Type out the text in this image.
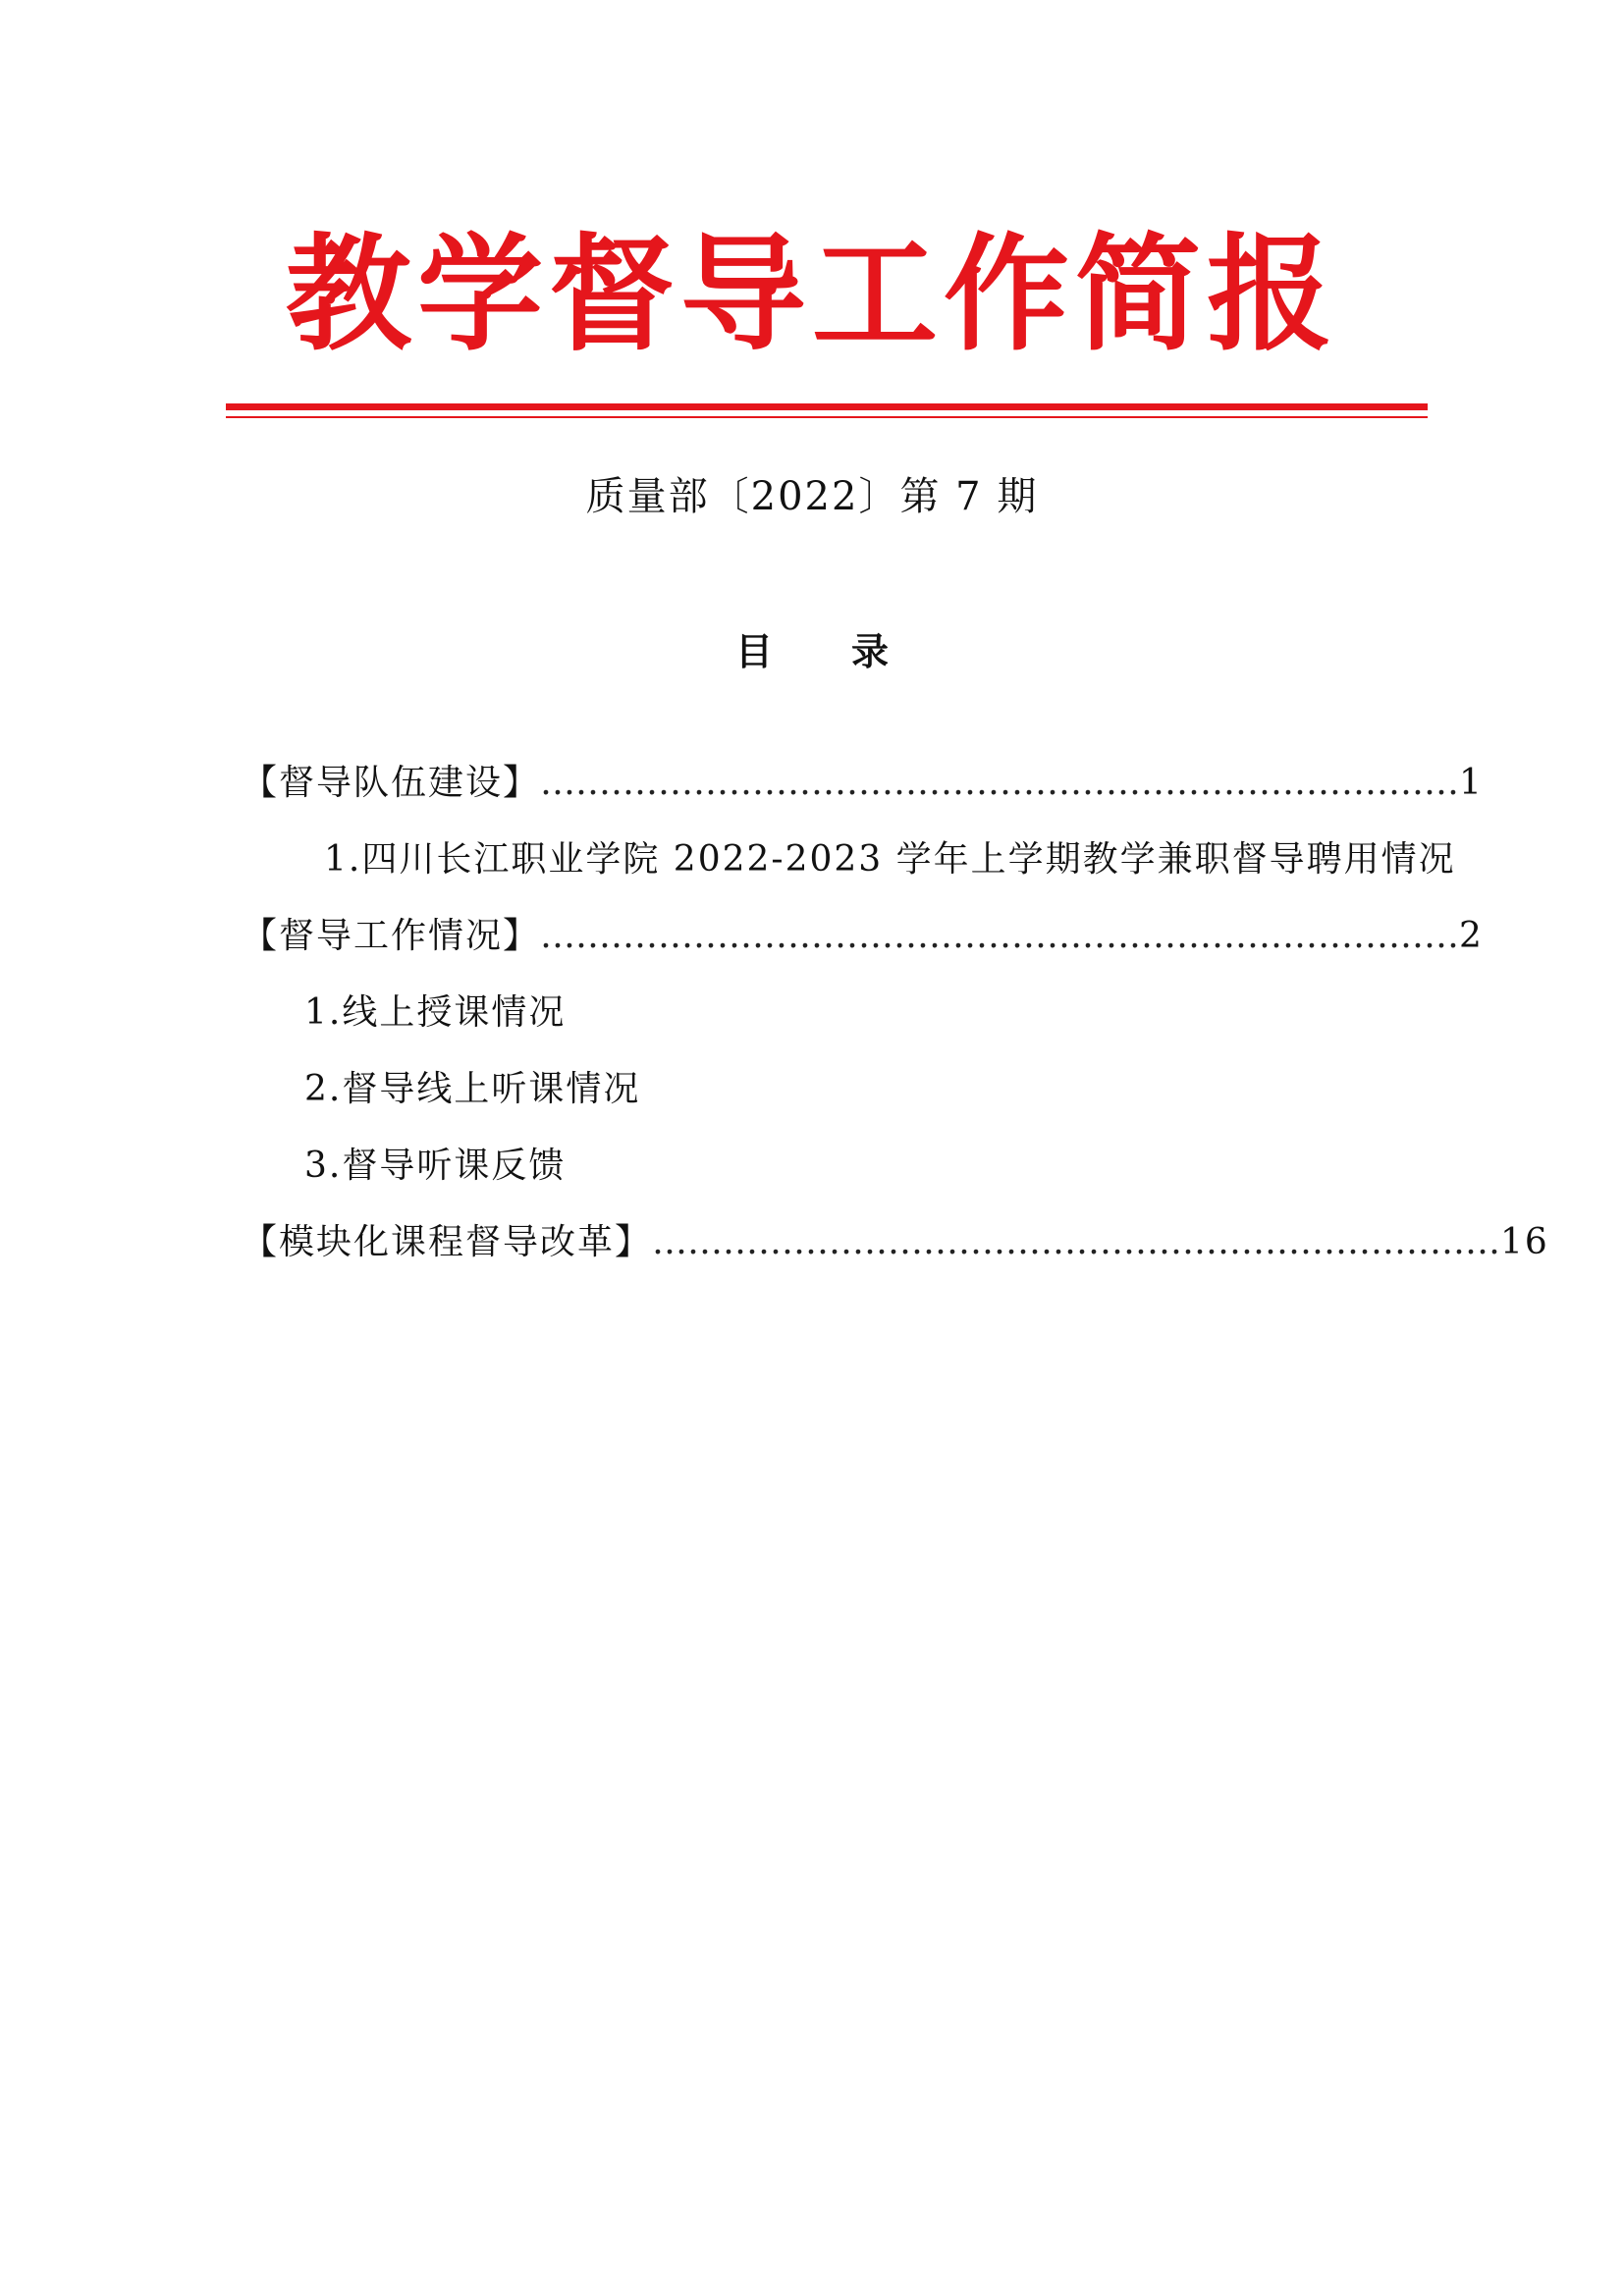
教学督导工作简报
质量部〔2022〕第 7 期
目 录
【督导队伍建设】……………………………………………………………………1
1.四川长江职业学院 2022-2023 学年上学期教学兼职督导聘用情况
【督导工作情况】……………………………………………………………………2
1.线上授课情况
2.督导线上听课情况
3.督导听课反馈
【模块化课程督导改革】………………………………………………………………16
